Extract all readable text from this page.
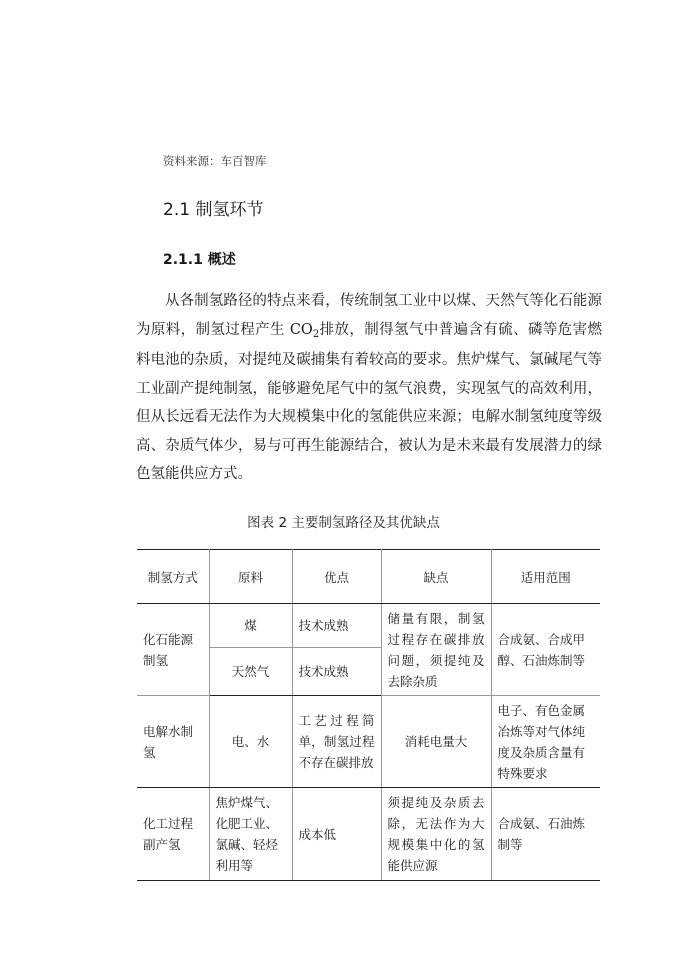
资料来源：车百智库
2.1 制氢环节
2.1.1 概述

从各制氢路径的特点来看，传统制氢工业中以煤、天然气等化石能源为原料，制氢过程产生 $CO_2$排放，制得氢气中普遍含有硫、磷等危害燃料电池的杂质，对提纯及碳捕集有着较高的要求。焦炉煤气、氯碱尾气等工业副产提纯制氢，能够避免尾气中的氢气浪费，实现氢气的高效利用，但从长远看无法作为大规模集中化的氢能供应来源；电解水制氢纯度等级高、杂质气体少，易与可再生能源结合，被认为是未来最有发展潜力的绿色氢能供应方式。

图表 2 主要制氢路径及其优缺点
制氢方式	原料	优点	缺点	适用范围
化石能源制氢	煤	技术成熟	储量有限，制氢过程存在碳排放问题，须提纯及去除杂质	合成氨、合成甲醇、石油炼制等
	天然气	技术成熟		
电解水制氢	电、水	工艺过程简单，制氢过程不存在碳排放	消耗电量大	电子、有色金属冶炼等对气体纯度及杂质含量有特殊要求
化工过程副产氢	焦炉煤气、化肥工业、氯碱、轻烃利用等	成本低	须提纯及杂质去除，无法作为大规模集中化的氢能供应源	合成氨、石油炼制等
